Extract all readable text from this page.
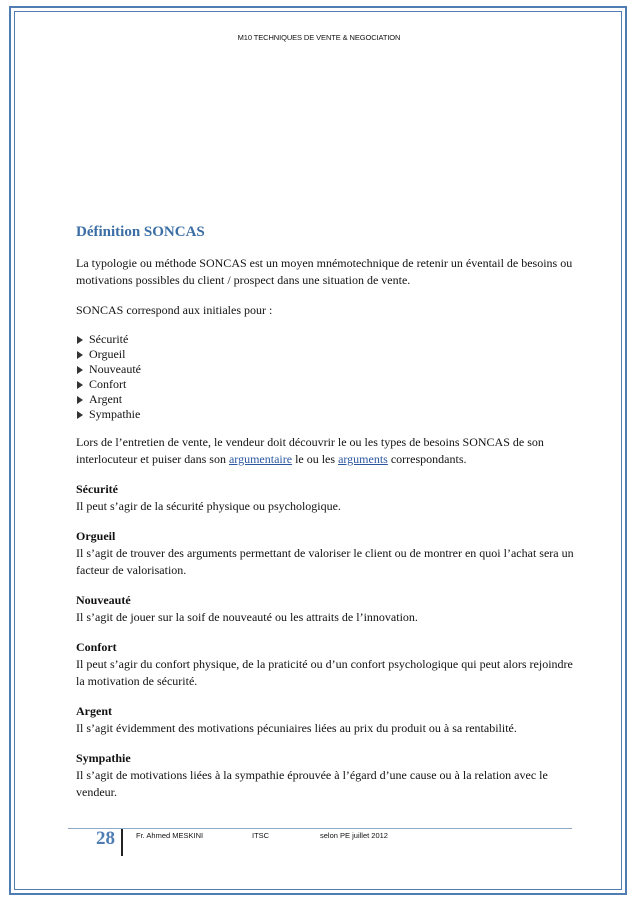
M10 TECHNIQUES DE VENTE & NEGOCIATION
Définition SONCAS

La typologie ou méthode SONCAS est un moyen mnémotechnique de retenir un éventail de besoins ou motivations possibles du client / prospect dans une situation de vente.

SONCAS correspond aux initiales pour :

Sécurité
Orgueil
Nouveauté
Confort
Argent
Sympathie

Lors de l’entretien de vente, le vendeur doit découvrir le ou les types de besoins SONCAS de son interlocuteur et puiser dans son argumentaire le ou les arguments correspondants.

Sécurité
Il peut s’agir de la sécurité physique ou psychologique.
Orgueil
Il s’agit de trouver des arguments permettant de valoriser le client ou de montrer en quoi l’achat sera un facteur de valorisation.
Nouveauté
Il s’agit de jouer sur la soif de nouveauté ou les attraits de l’innovation.
Confort
Il peut s’agir du confort physique, de la praticité ou d’un confort psychologique qui peut alors rejoindre la motivation de sécurité.
Argent
Il s’agit évidemment des motivations pécuniaires liées au prix du produit ou à sa rentabilité.
Sympathie
Il s’agit de motivations liées à la sympathie éprouvée à l’égard d’une cause ou à la relation avec le vendeur.
28	Fr. Ahmed MESKINI	ITSC	selon PE juillet 2012
